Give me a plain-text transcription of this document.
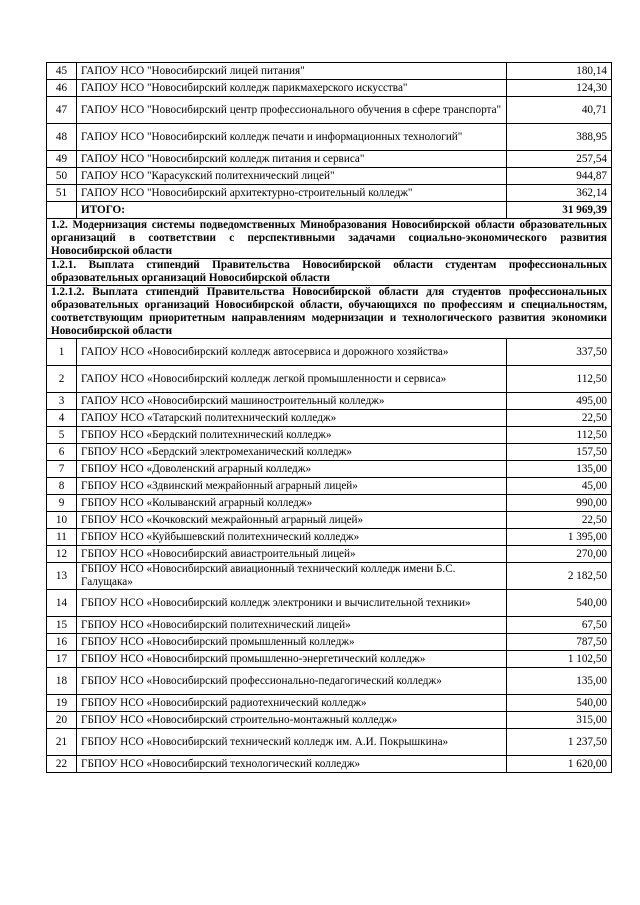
45	ГАПОУ НСО "Новосибирский лицей питания"	180,14
46	ГАПОУ НСО "Новосибирский колледж парикмахерского искусства"	124,30
47	ГАПОУ НСО "Новосибирский центр профессионального обучения в сфере транспорта"	40,71
48	ГАПОУ НСО "Новосибирский колледж печати и информационных технологий"	388,95
49	ГАПОУ НСО "Новосибирский колледж питания и сервиса"	257,54
50	ГАПОУ НСО "Карасукский политехнический лицей"	944,87
51	ГАПОУ НСО "Новосибирский архитектурно-строительный колледж"	362,14
	ИТОГО:	31 969,39
1.2. Модернизация системы подведомственных Минобразования Новосибирской области образовательных организаций в соответствии с перспективными задачами социально-экономического развития Новосибирской области		
1.2.1. Выплата стипендий Правительства Новосибирской области студентам профессиональных образовательных организаций Новосибирской области		
1.2.1.2. Выплата стипендий Правительства Новосибирской области для студентов профессиональных образовательных организаций Новосибирской области, обучающихся по профессиям и специальностям, соответствующим приоритетным направлениям модернизации и технологического развития экономики Новосибирской области		
1	ГАПОУ НСО «Новосибирский колледж автосервиса и дорожного хозяйства»	337,50
2	ГАПОУ НСО «Новосибирский колледж легкой промышленности и сервиса»	112,50
3	ГАПОУ НСО «Новосибирский машиностроительный колледж»	495,00
4	ГАПОУ НСО «Татарский политехнический колледж»	22,50
5	ГБПОУ НСО «Бердский политехнический колледж»	112,50
6	ГБПОУ НСО «Бердский электромеханический колледж»	157,50
7	ГБПОУ НСО «Доволенский аграрный колледж»	135,00
8	ГБПОУ НСО «Здвинский межрайонный аграрный лицей»	45,00
9	ГБПОУ НСО «Колыванский аграрный колледж»	990,00
10	ГБПОУ НСО «Кочковский межрайонный аграрный лицей»	22,50
11	ГБПОУ НСО «Куйбышевский политехнический колледж»	1 395,00
12	ГБПОУ НСО «Новосибирский авиастроительный лицей»	270,00
13	ГБПОУ НСО «Новосибирский авиационный технический колледж имени Б.С. Галущака»	2 182,50
14	ГБПОУ НСО «Новосибирский колледж электроники и вычислительной техники»	540,00
15	ГБПОУ НСО «Новосибирский политехнический лицей»	67,50
16	ГБПОУ НСО «Новосибирский промышленный колледж»	787,50
17	ГБПОУ НСО «Новосибирский промышленно-энергетический колледж»	1 102,50
18	ГБПОУ НСО «Новосибирский профессионально-педагогический колледж»	135,00
19	ГБПОУ НСО «Новосибирский радиотехнический колледж»	540,00
20	ГБПОУ НСО «Новосибирский строительно-монтажный колледж»	315,00
21	ГБПОУ НСО «Новосибирский технический колледж им. А.И. Покрышкина»	1 237,50
22	ГБПОУ НСО «Новосибирский технологический колледж»	1 620,00
